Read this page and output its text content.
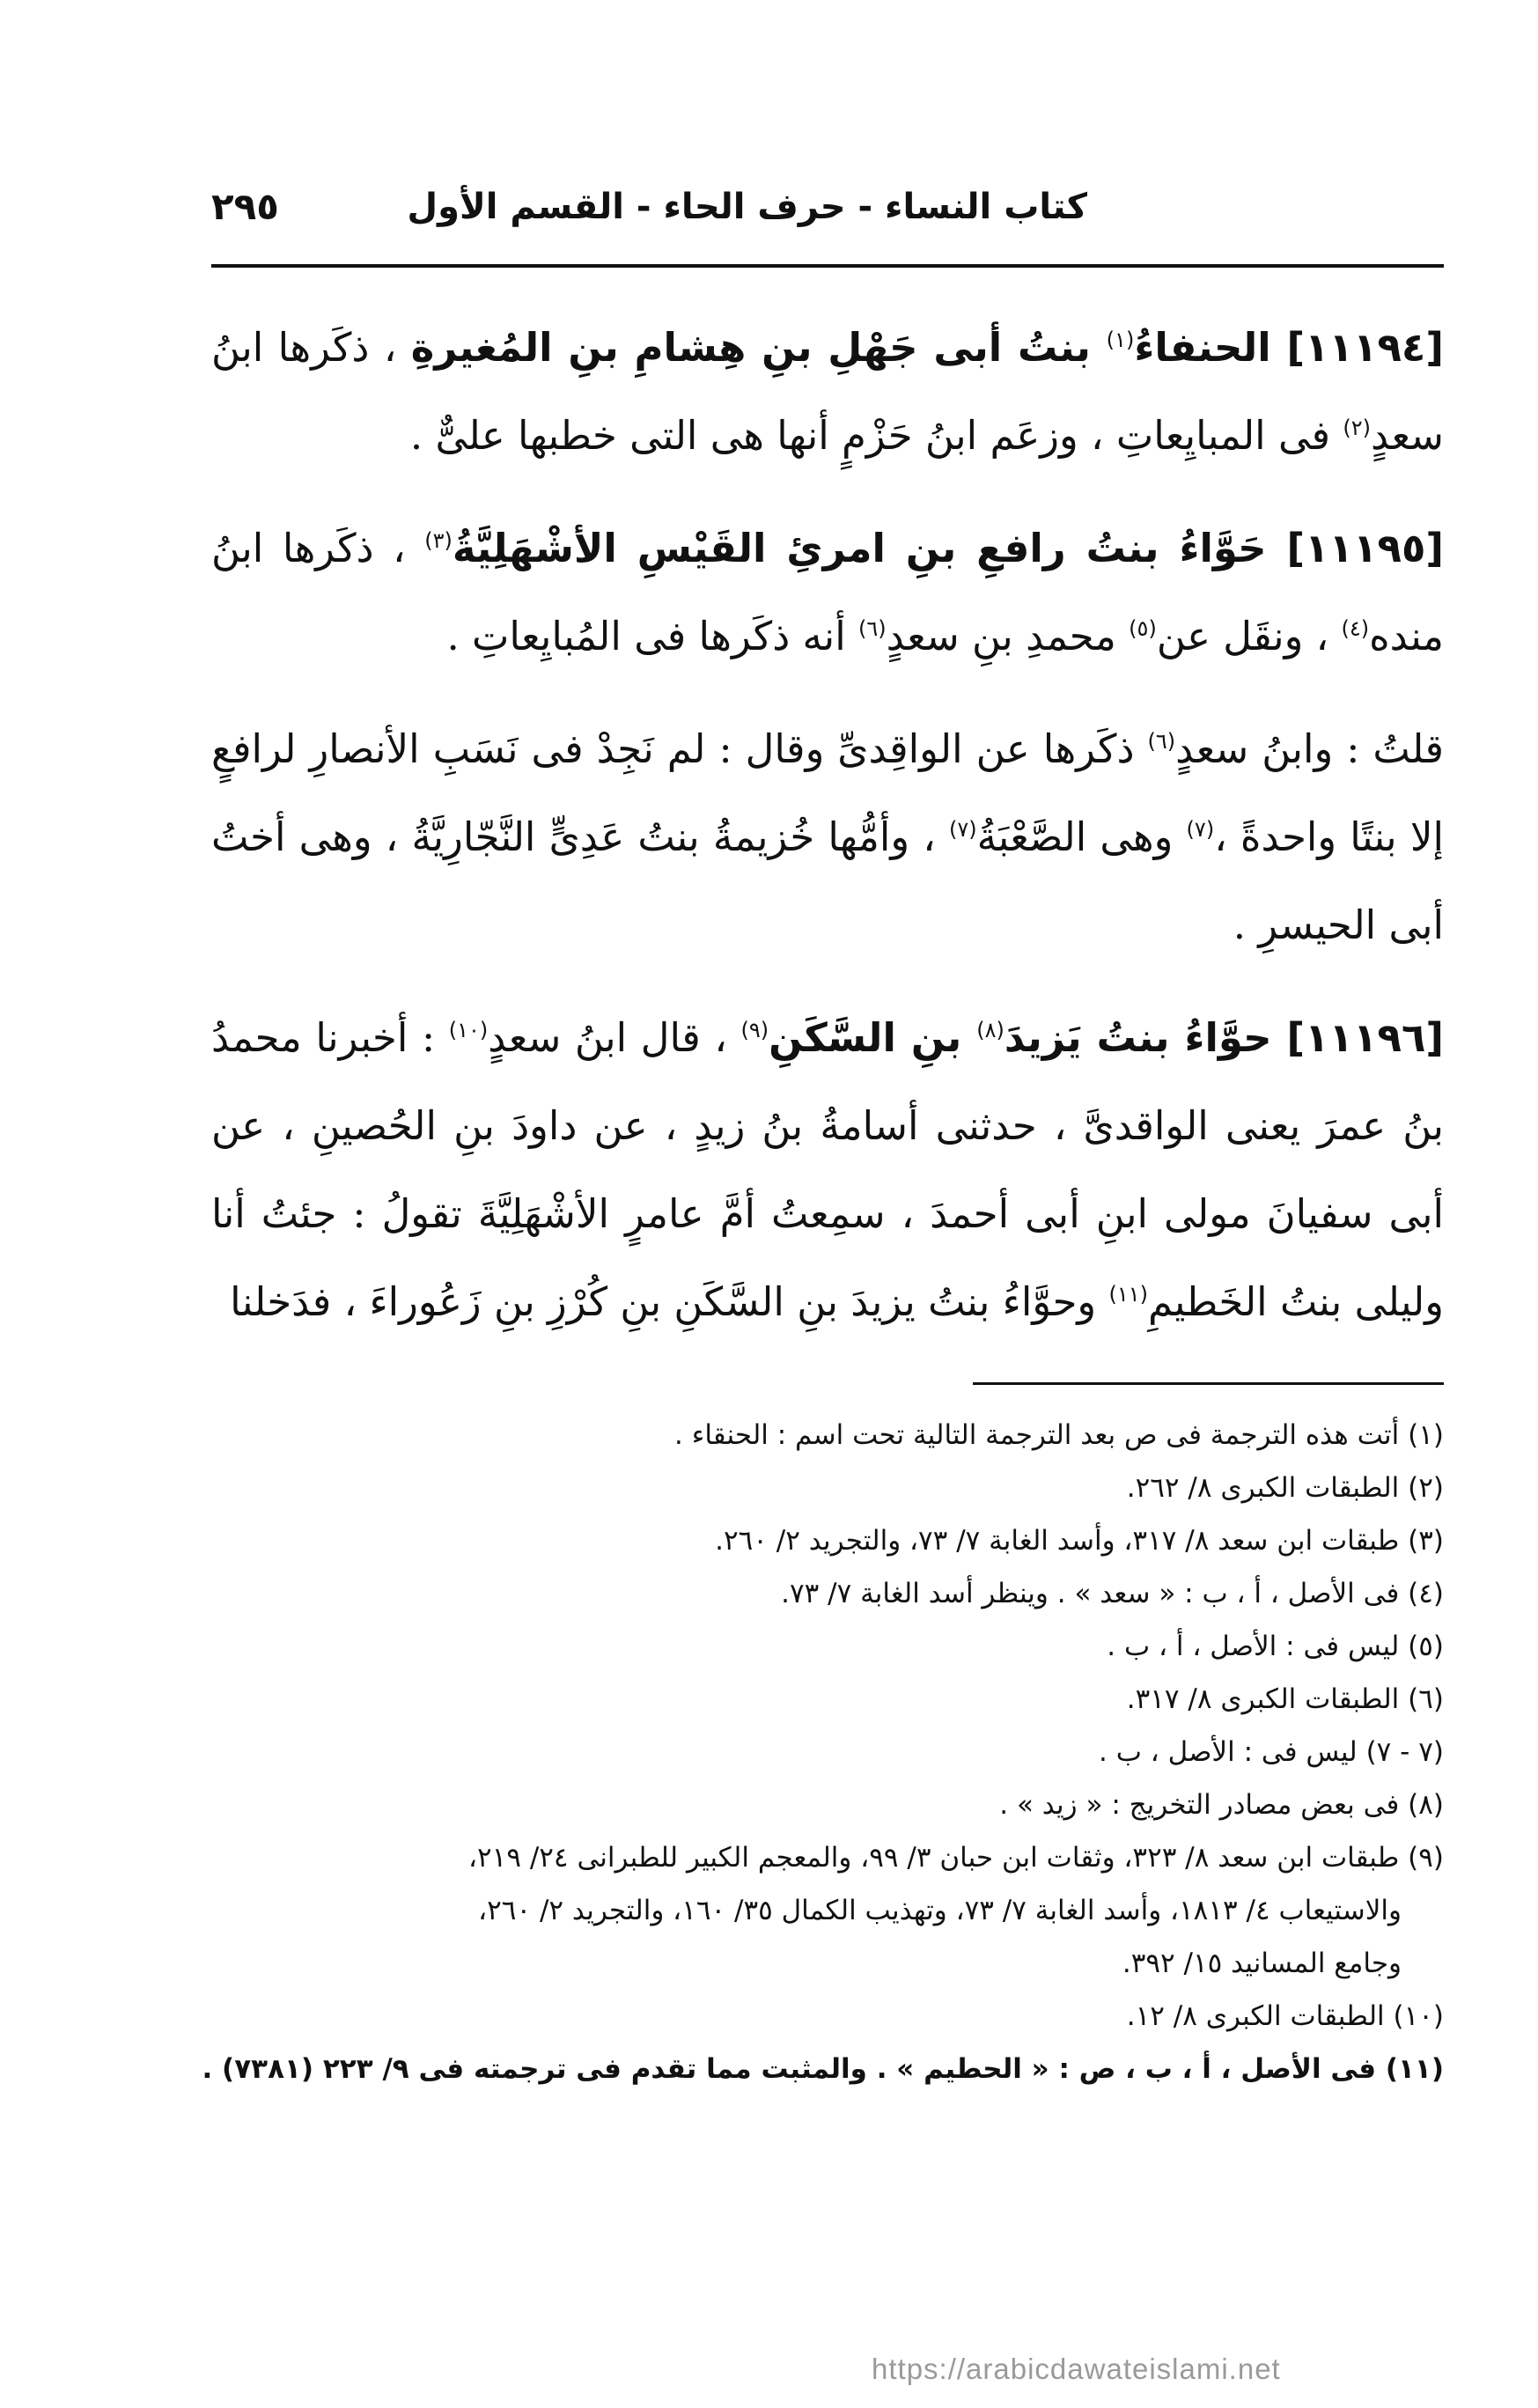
كتاب النساء - حرف الحاء - القسم الأول
٢٩٥

[١١١٩٤] الحنفاءُ$^{(١)}$ بنتُ أبى جَهْلِ بنِ هِشامِ بنِ المُغيرةِ ، ذكَرها ابنُ سعدٍ$^{(٢)}$ فى المبايِعاتِ ، وزعَم ابنُ حَزْمٍ أنها هى التى خطبها علىٌّ .

[١١١٩٥] حَوَّاءُ بنتُ رافعِ بنِ امرئِ القَيْسِ الأشْهَلِيَّةُ$^{(٣)}$ ، ذكَرها ابنُ منده$^{(٤)}$ ، ونقَل عن$^{(٥)}$ محمدِ بنِ سعدٍ$^{(٦)}$ أنه ذكَرها فى المُبايِعاتِ .

قلتُ : وابنُ سعدٍ$^{(٦)}$ ذكَرها عن الواقِدىِّ وقال : لم نَجِدْ فى نَسَبِ الأنصارِ لرافعٍ إلا بنتًا واحدةً ،$^{(٧)}$ وهى الصَّعْبَةُ$^{(٧)}$ ، وأمُّها خُزيمةُ بنتُ عَدِىٍّ النَّجّارِيَّةُ ، وهى أختُ أبى الحيسرِ .

[١١١٩٦] حوَّاءُ بنتُ يَزيدَ$^{(٨)}$ بنِ السَّكَنِ$^{(٩)}$ ، قال ابنُ سعدٍ$^{(١٠)}$ : أخبرنا محمدُ بنُ عمرَ يعنى الواقدىَّ ، حدثنى أسامةُ بنُ زيدٍ ، عن داودَ بنِ الحُصينِ ، عن أبى سفيانَ مولى ابنِ أبى أحمدَ ، سمِعتُ أمَّ عامرٍ الأشْهَلِيَّةَ تقولُ : جئتُ أنا وليلى بنتُ الخَطيمِ$^{(١١)}$ وحوَّاءُ بنتُ يزيدَ بنِ السَّكَنِ بنِ كُرْزِ بنِ زَعُوراءَ ، فدَخلنا

(١) أتت هذه الترجمة فى ص بعد الترجمة التالية تحت اسم : الحنقاء .
(٢) الطبقات الكبرى ٨/ ٢٦٢.
(٣) طبقات ابن سعد ٨/ ٣١٧، وأسد الغابة ٧/ ٧٣، والتجريد ٢/ ٢٦٠.
(٤) فى الأصل ، أ ، ب : « سعد » . وينظر أسد الغابة ٧/ ٧٣.
(٥) ليس فى : الأصل ، أ ، ب .
(٦) الطبقات الكبرى ٨/ ٣١٧.
(٧ - ٧) ليس فى : الأصل ، ب .
(٨) فى بعض مصادر التخريج : « زيد » .
(٩) طبقات ابن سعد ٨/ ٣٢٣، وثقات ابن حبان ٣/ ٩٩، والمعجم الكبير للطبرانى ٢٤/ ٢١٩،
والاستيعاب ٤/ ١٨١٣، وأسد الغابة ٧/ ٧٣، وتهذيب الكمال ٣٥/ ١٦٠، والتجريد ٢/ ٢٦٠،
وجامع المسانيد ١٥/ ٣٩٢.
(١٠) الطبقات الكبرى ٨/ ١٢.
(١١) فى الأصل ، أ ، ب ، ص : « الحطيم » . والمثبت مما تقدم فى ترجمته فى ٩/ ٢٢٣ (٧٣٨١) .
https://arabicdawateislami.net
